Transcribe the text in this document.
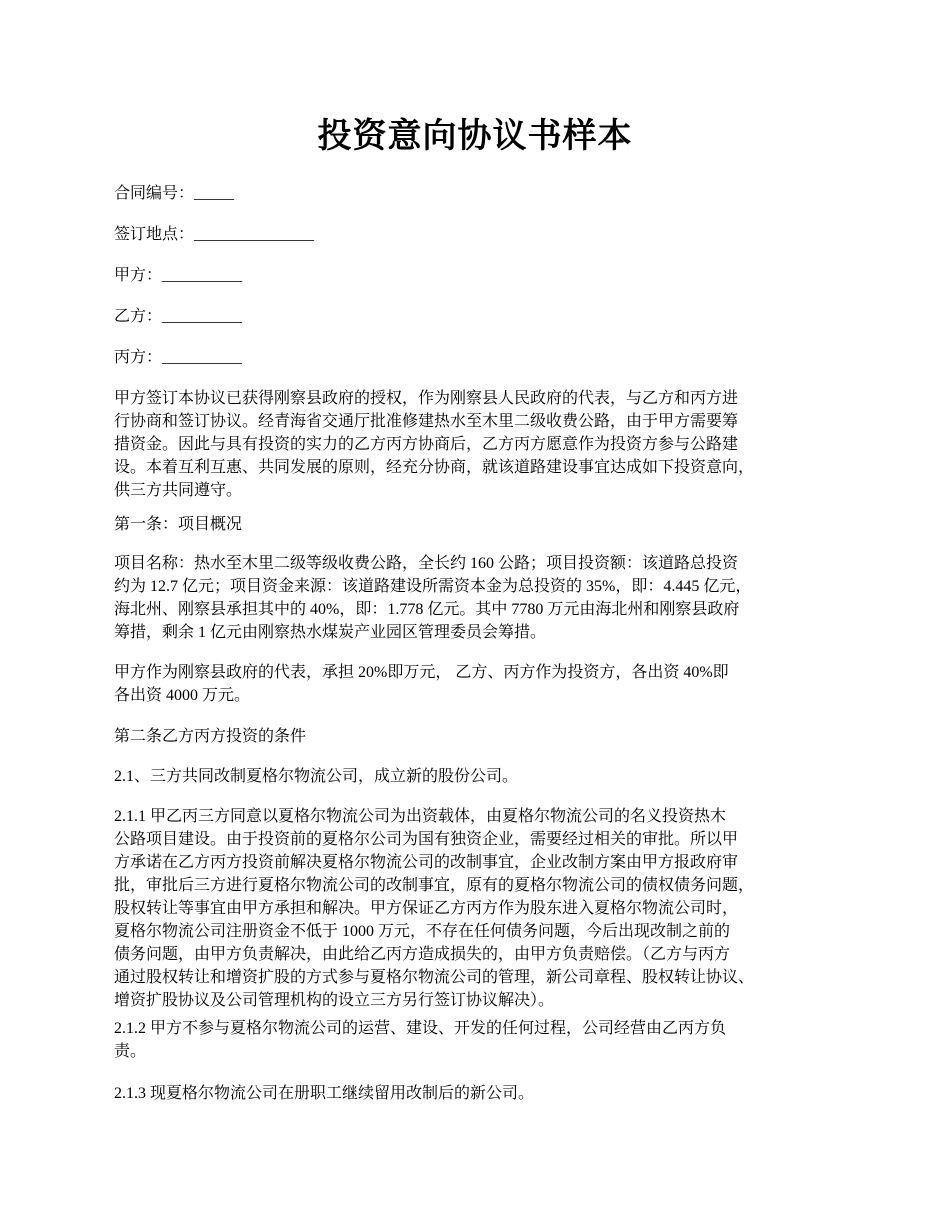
投资意向协议书样本
合同编号：_____
签订地点：_______________
甲方：__________
乙方：__________
丙方：__________
甲方签订本协议已获得刚察县政府的授权，作为刚察县人民政府的代表，与乙方和丙方进
行协商和签订协议。经青海省交通厅批准修建热水至木里二级收费公路，由于甲方需要筹
措资金。因此与具有投资的实力的乙方丙方协商后，乙方丙方愿意作为投资方参与公路建
设。本着互利互惠、共同发展的原则，经充分协商，就该道路建设事宜达成如下投资意向，
供三方共同遵守。
第一条：项目概况
项目名称：热水至木里二级等级收费公路，全长约 160 公路；项目投资额：该道路总投资
约为 12.7 亿元；项目资金来源：该道路建设所需资本金为总投资的 35%，即：4.445 亿元，
海北州、刚察县承担其中的 40%，即：1.778 亿元。其中 7780 万元由海北州和刚察县政府
筹措，剩余 1 亿元由刚察热水煤炭产业园区管理委员会筹措。
甲方作为刚察县政府的代表，承担 20%即万元， 乙方、丙方作为投资方，各出资 40%即
各出资 4000 万元。
第二条乙方丙方投资的条件
2.1、三方共同改制夏格尔物流公司，成立新的股份公司。
2.1.1 甲乙丙三方同意以夏格尔物流公司为出资载体，由夏格尔物流公司的名义投资热木
公路项目建设。由于投资前的夏格尔公司为国有独资企业，需要经过相关的审批。所以甲
方承诺在乙方丙方投资前解决夏格尔物流公司的改制事宜，企业改制方案由甲方报政府审
批，审批后三方进行夏格尔物流公司的改制事宜，原有的夏格尔物流公司的债权债务问题，
股权转让等事宜由甲方承担和解决。甲方保证乙方丙方作为股东进入夏格尔物流公司时，
夏格尔物流公司注册资金不低于 1000 万元，不存在任何债务问题，今后出现改制之前的
债务问题，由甲方负责解决，由此给乙丙方造成损失的，由甲方负责赔偿。（乙方与丙方
通过股权转让和增资扩股的方式参与夏格尔物流公司的管理，新公司章程、股权转让协议、
增资扩股协议及公司管理机构的设立三方另行签订协议解决）。
2.1.2 甲方不参与夏格尔物流公司的运营、建设、开发的任何过程，公司经营由乙丙方负
责。
2.1.3 现夏格尔物流公司在册职工继续留用改制后的新公司。
